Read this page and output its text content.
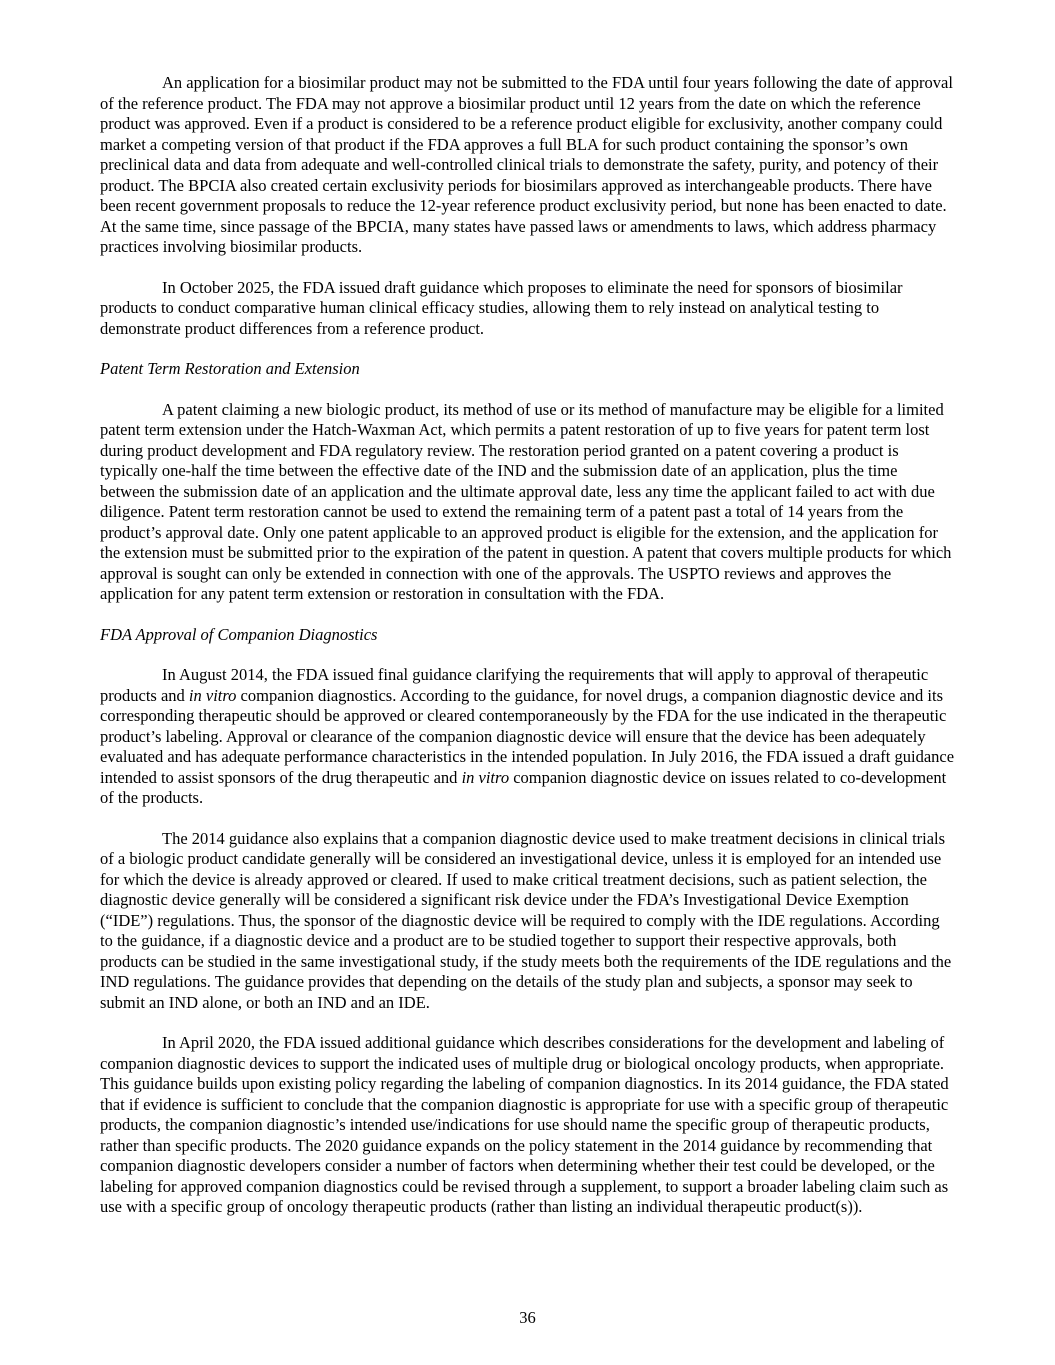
An application for a biosimilar product may not be submitted to the FDA until four years following the date of approval of the reference product. The FDA may not approve a biosimilar product until 12 years from the date on which the reference product was approved. Even if a product is considered to be a reference product eligible for exclusivity, another company could market a competing version of that product if the FDA approves a full BLA for such product containing the sponsor’s own preclinical data and data from adequate and well-controlled clinical trials to demonstrate the safety, purity, and potency of their product. The BPCIA also created certain exclusivity periods for biosimilars approved as interchangeable products. There have been recent government proposals to reduce the 12-year reference product exclusivity period, but none has been enacted to date. At the same time, since passage of the BPCIA, many states have passed laws or amendments to laws, which address pharmacy practices involving biosimilar products.

In October 2025, the FDA issued draft guidance which proposes to eliminate the need for sponsors of biosimilar products to conduct comparative human clinical efficacy studies, allowing them to rely instead on analytical testing to demonstrate product differences from a reference product.

Patent Term Restoration and Extension

A patent claiming a new biologic product, its method of use or its method of manufacture may be eligible for a limited patent term extension under the Hatch-Waxman Act, which permits a patent restoration of up to five years for patent term lost during product development and FDA regulatory review. The restoration period granted on a patent covering a product is typically one-half the time between the effective date of the IND and the submission date of an application, plus the time between the submission date of an application and the ultimate approval date, less any time the applicant failed to act with due diligence. Patent term restoration cannot be used to extend the remaining term of a patent past a total of 14 years from the product’s approval date. Only one patent applicable to an approved product is eligible for the extension, and the application for the extension must be submitted prior to the expiration of the patent in question. A patent that covers multiple products for which approval is sought can only be extended in connection with one of the approvals. The USPTO reviews and approves the application for any patent term extension or restoration in consultation with the FDA.

FDA Approval of Companion Diagnostics

In August 2014, the FDA issued final guidance clarifying the requirements that will apply to approval of therapeutic products and in vitro companion diagnostics. According to the guidance, for novel drugs, a companion diagnostic device and its corresponding therapeutic should be approved or cleared contemporaneously by the FDA for the use indicated in the therapeutic product’s labeling. Approval or clearance of the companion diagnostic device will ensure that the device has been adequately evaluated and has adequate performance characteristics in the intended population. In July 2016, the FDA issued a draft guidance intended to assist sponsors of the drug therapeutic and in vitro companion diagnostic device on issues related to co-development of the products.

The 2014 guidance also explains that a companion diagnostic device used to make treatment decisions in clinical trials of a biologic product candidate generally will be considered an investigational device, unless it is employed for an intended use for which the device is already approved or cleared. If used to make critical treatment decisions, such as patient selection, the diagnostic device generally will be considered a significant risk device under the FDA’s Investigational Device Exemption (“IDE”) regulations. Thus, the sponsor of the diagnostic device will be required to comply with the IDE regulations. According to the guidance, if a diagnostic device and a product are to be studied together to support their respective approvals, both products can be studied in the same investigational study, if the study meets both the requirements of the IDE regulations and the IND regulations. The guidance provides that depending on the details of the study plan and subjects, a sponsor may seek to submit an IND alone, or both an IND and an IDE.

In April 2020, the FDA issued additional guidance which describes considerations for the development and labeling of companion diagnostic devices to support the indicated uses of multiple drug or biological oncology products, when appropriate. This guidance builds upon existing policy regarding the labeling of companion diagnostics. In its 2014 guidance, the FDA stated that if evidence is sufficient to conclude that the companion diagnostic is appropriate for use with a specific group of therapeutic products, the companion diagnostic’s intended use/indications for use should name the specific group of therapeutic products, rather than specific products. The 2020 guidance expands on the policy statement in the 2014 guidance by recommending that companion diagnostic developers consider a number of factors when determining whether their test could be developed, or the labeling for approved companion diagnostics could be revised through a supplement, to support a broader labeling claim such as use with a specific group of oncology therapeutic products (rather than listing an individual therapeutic product(s)).

36
